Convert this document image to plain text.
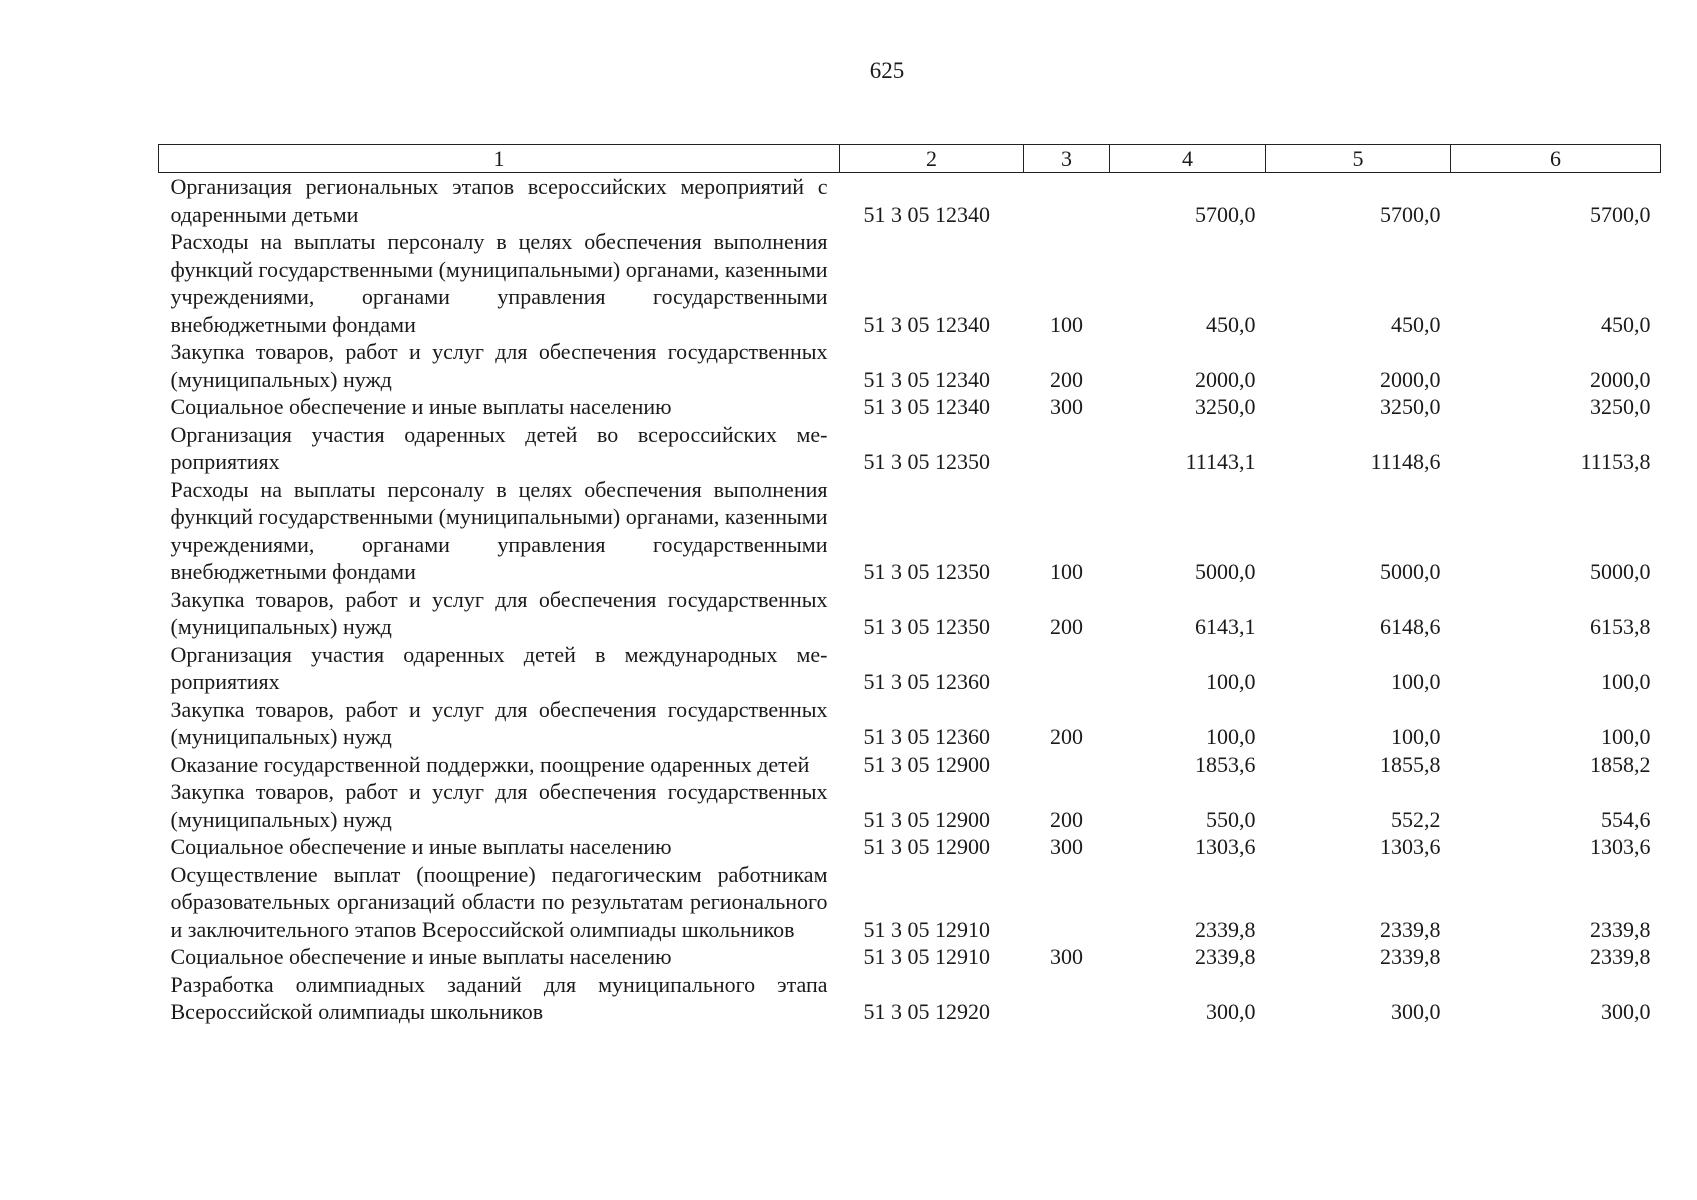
625
1	2	3	4	5	6
Организация региональных этапов всероссийских мероприятий с одаренными детьми	51 3 05 12340		5700,0	5700,0	5700,0
Расходы на выплаты персоналу в целях обеспечения выполнения функций государственными (муниципальными) органами, казенными учреждениями, органами управления государственными внебюджетными фондами	51 3 05 12340	100	450,0	450,0	450,0
Закупка товаров, работ и услуг для обеспечения государственных (муниципальных) нужд	51 3 05 12340	200	2000,0	2000,0	2000,0
Социальное обеспечение и иные выплаты населению	51 3 05 12340	300	3250,0	3250,0	3250,0
Организация участия одаренных детей во всероссийских мероприятиях	51 3 05 12350		11143,1	11148,6	11153,8
Расходы на выплаты персоналу в целях обеспечения выполнения функций государственными (муниципальными) органами, казенными учреждениями, органами управления государственными внебюджетными фондами	51 3 05 12350	100	5000,0	5000,0	5000,0
Закупка товаров, работ и услуг для обеспечения государственных (муниципальных) нужд	51 3 05 12350	200	6143,1	6148,6	6153,8
Организация участия одаренных детей в международных мероприятиях	51 3 05 12360		100,0	100,0	100,0
Закупка товаров, работ и услуг для обеспечения государственных (муниципальных) нужд	51 3 05 12360	200	100,0	100,0	100,0
Оказание государственной поддержки, поощрение одаренных детей	51 3 05 12900		1853,6	1855,8	1858,2
Закупка товаров, работ и услуг для обеспечения государственных (муниципальных) нужд	51 3 05 12900	200	550,0	552,2	554,6
Социальное обеспечение и иные выплаты населению	51 3 05 12900	300	1303,6	1303,6	1303,6
Осуществление выплат (поощрение) педагогическим работникам образовательных организаций области по результатам регионального и заключительного этапов Всероссийской олимпиады школьников	51 3 05 12910		2339,8	2339,8	2339,8
Социальное обеспечение и иные выплаты населению	51 3 05 12910	300	2339,8	2339,8	2339,8
Разработка олимпиадных заданий для муниципального этапа Всероссийской олимпиады школьников	51 3 05 12920		300,0	300,0	300,0
